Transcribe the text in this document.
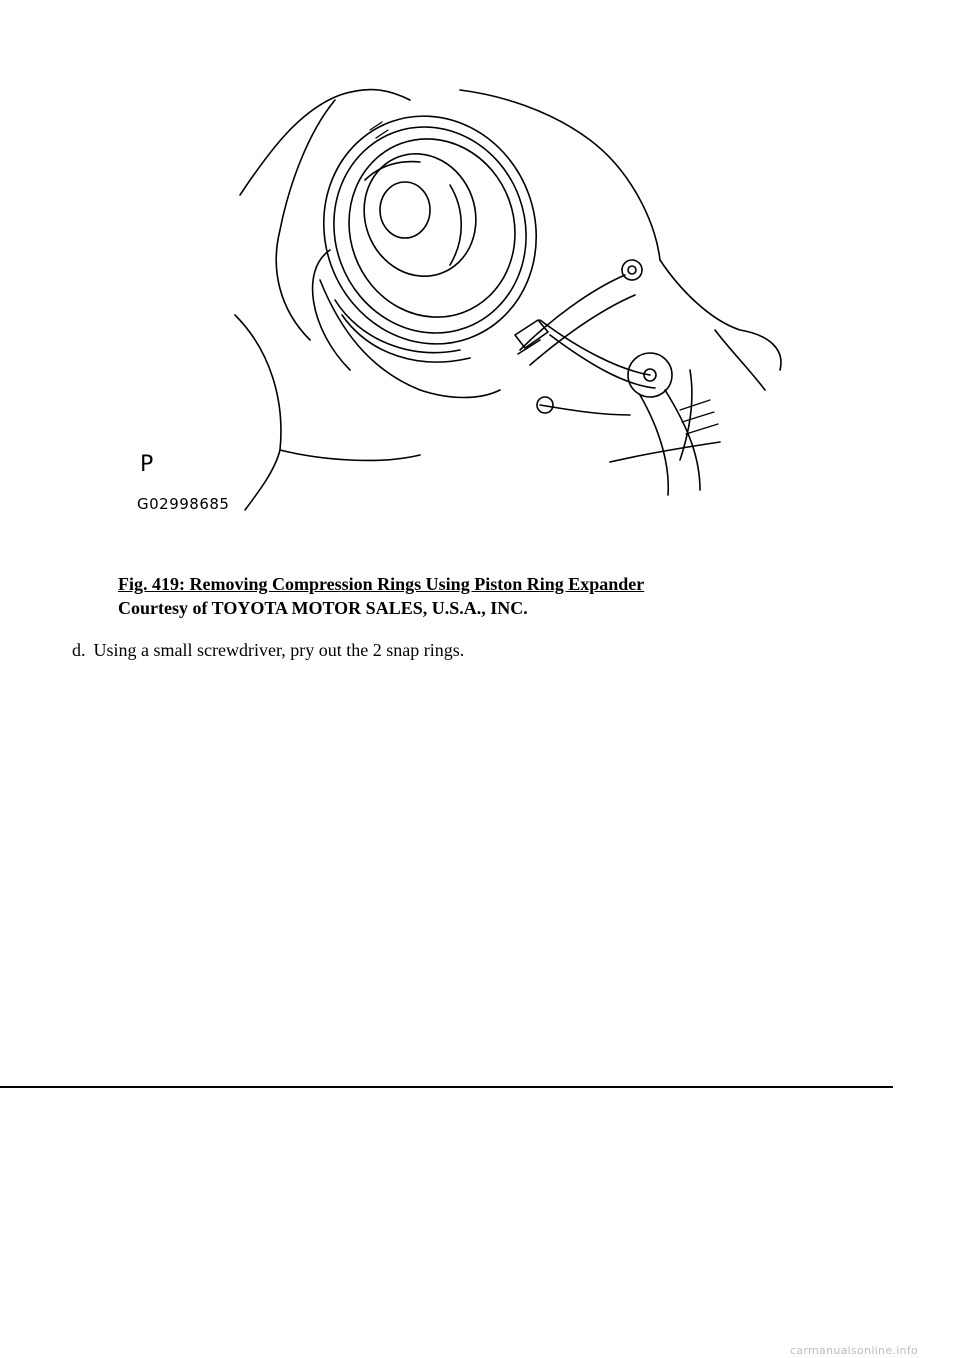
P
G02998685
Fig. 419: Removing Compression Rings Using Piston Ring Expander
Courtesy of TOYOTA MOTOR SALES, U.S.A., INC.
d. Using a small screwdriver, pry out the 2 snap rings.
carmanualsonline.info
